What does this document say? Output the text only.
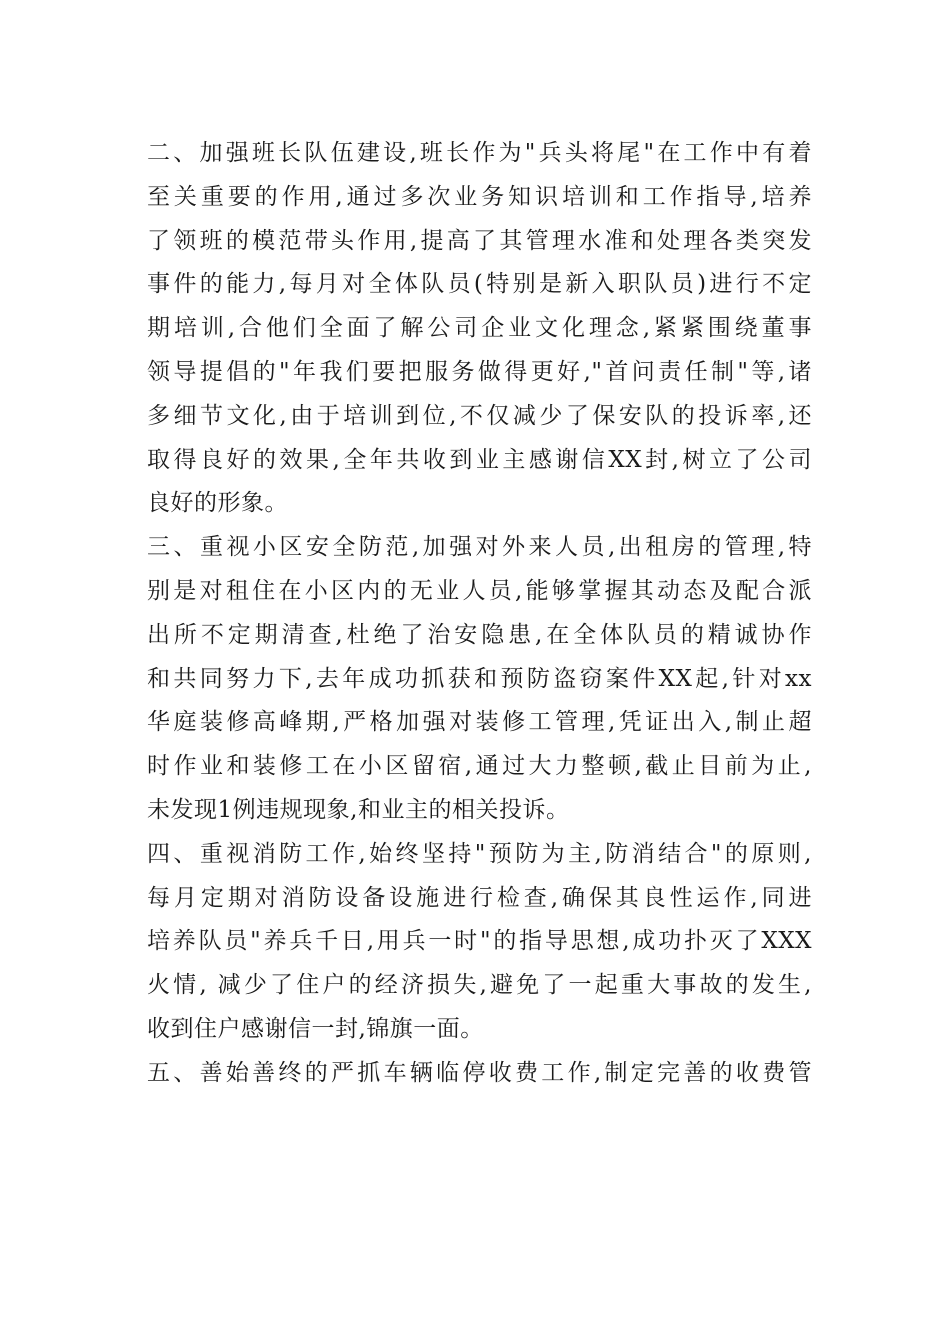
二、加强班长队伍建设,班长作为"兵头将尾"在工作中有着
至关重要的作用,通过多次业务知识培训和工作指导,培养
了领班的模范带头作用,提高了其管理水准和处理各类突发
事件的能力,每月对全体队员(特别是新入职队员)进行不定
期培训,合他们全面了解公司企业文化理念,紧紧围绕董事
领导提倡的"年我们要把服务做得更好,"首问责任制"等,诸
多细节文化,由于培训到位,不仅减少了保安队的投诉率,还
取得良好的效果,全年共收到业主感谢信XX封,树立了公司
良好的形象。
三、重视小区安全防范,加强对外来人员,出租房的管理,特
别是对租住在小区内的无业人员,能够掌握其动态及配合派
出所不定期清查,杜绝了治安隐患,在全体队员的精诚协作
和共同努力下,去年成功抓获和预防盗窃案件XX起,针对xx
华庭装修高峰期,严格加强对装修工管理,凭证出入,制止超
时作业和装修工在小区留宿,通过大力整顿,截止目前为止,
未发现1例违规现象,和业主的相关投诉。
四、重视消防工作,始终坚持"预防为主,防消结合"的原则,
每月定期对消防设备设施进行检查,确保其良性运作,同进
培养队员"养兵千日,用兵一时"的指导思想,成功扑灭了XXX
火情, 减少了住户的经济损失,避免了一起重大事故的发生,
收到住户感谢信一封,锦旗一面。
五、善始善终的严抓车辆临停收费工作,制定完善的收费管
